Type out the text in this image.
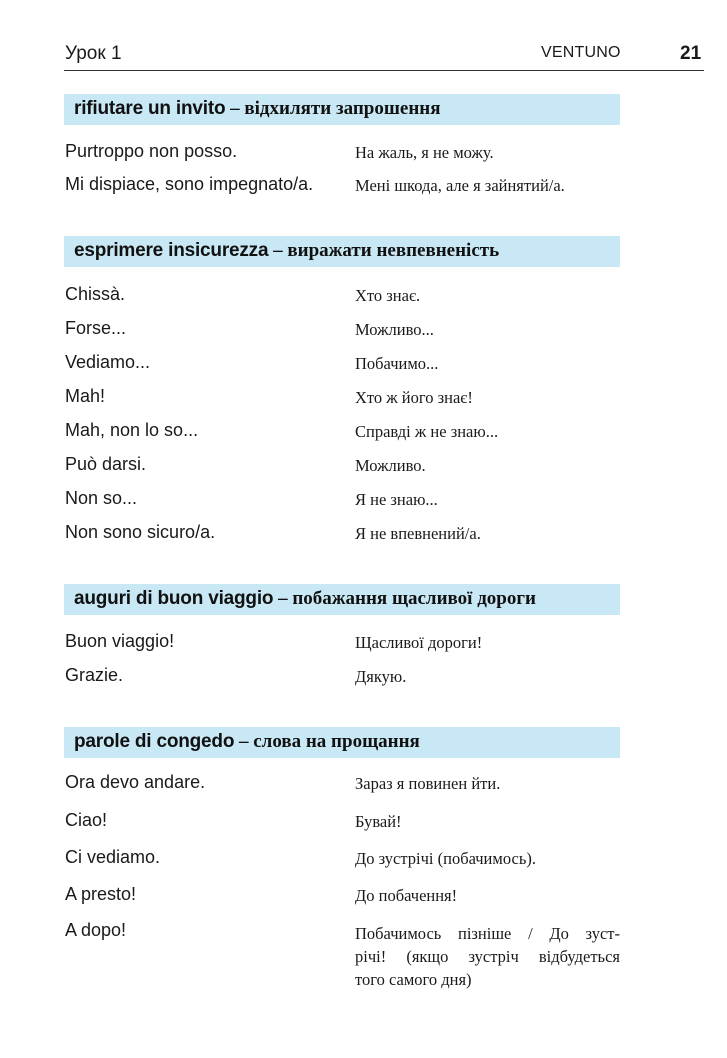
Урок 1	VENTUNO	21
rifiutare un invito – відхиляти запрошення
Purtroppo non posso.	На жаль, я не можу.
Mi dispiace, sono impegnato/a.	Мені шкода, але я зайнятий/а.
esprimere insicurezza – виражати невпевненість
Chissà.	Хто знає.
Forse...	Можливо...
Vediamo...	Побачимо...
Mah!	Хто ж його знає!
Mah, non lo so...	Справді ж не знаю...
Può darsi.	Можливо.
Non so...	Я не знаю...
Non sono sicuro/a.	Я не впевнений/а.
auguri di buon viaggio – побажання щасливої дороги
Buon viaggio!	Щасливої дороги!
Grazie.	Дякую.
parole di congedo – слова на прощання
Ora devo andare.	Зараз я повинен йти.
Ciao!	Бувай!
Ci vediamo.	До зустрічі (побачимось).
A presto!	До побачення!
A dopo!	Побачимось пізніше / До зуст-
річі! (якщо зустріч відбудеться
того самого дня)
